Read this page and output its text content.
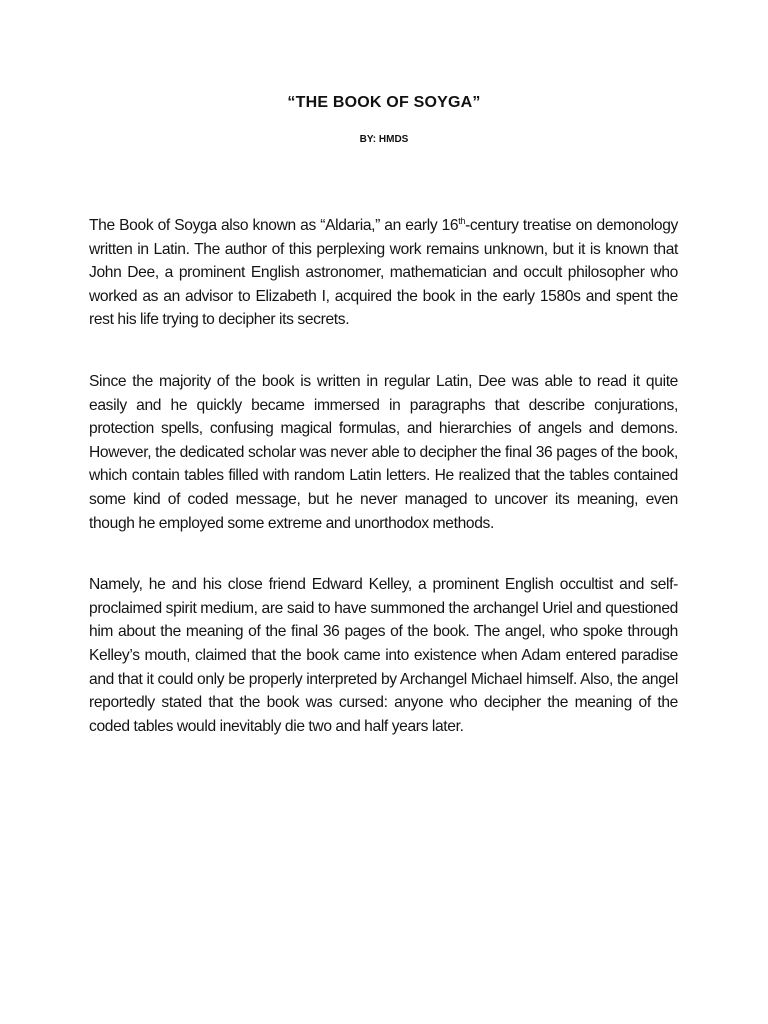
“THE BOOK OF SOYGA”

BY: HMDS

The Book of Soyga also known as “Aldaria,” an early 16th-century treatise on demonology written in Latin. The author of this perplexing work remains unknown, but it is known that John Dee, a prominent English astronomer, mathematician and occult philosopher who worked as an advisor to Elizabeth I, acquired the book in the early 1580s and spent the rest his life trying to decipher its secrets.

Since the majority of the book is written in regular Latin, Dee was able to read it quite easily and he quickly became immersed in paragraphs that describe conjurations, protection spells, confusing magical formulas, and hierarchies of angels and demons. However, the dedicated scholar was never able to decipher the final 36 pages of the book, which contain tables filled with random Latin letters. He realized that the tables contained some kind of coded message, but he never managed to uncover its meaning, even though he employed some extreme and unorthodox methods.

Namely, he and his close friend Edward Kelley, a prominent English occultist and self-proclaimed spirit medium, are said to have summoned the archangel Uriel and questioned him about the meaning of the final 36 pages of the book. The angel, who spoke through Kelley’s mouth, claimed that the book came into existence when Adam entered paradise and that it could only be properly interpreted by Archangel Michael himself. Also, the angel reportedly stated that the book was cursed: anyone who decipher the meaning of the coded tables would inevitably die two and half years later.
